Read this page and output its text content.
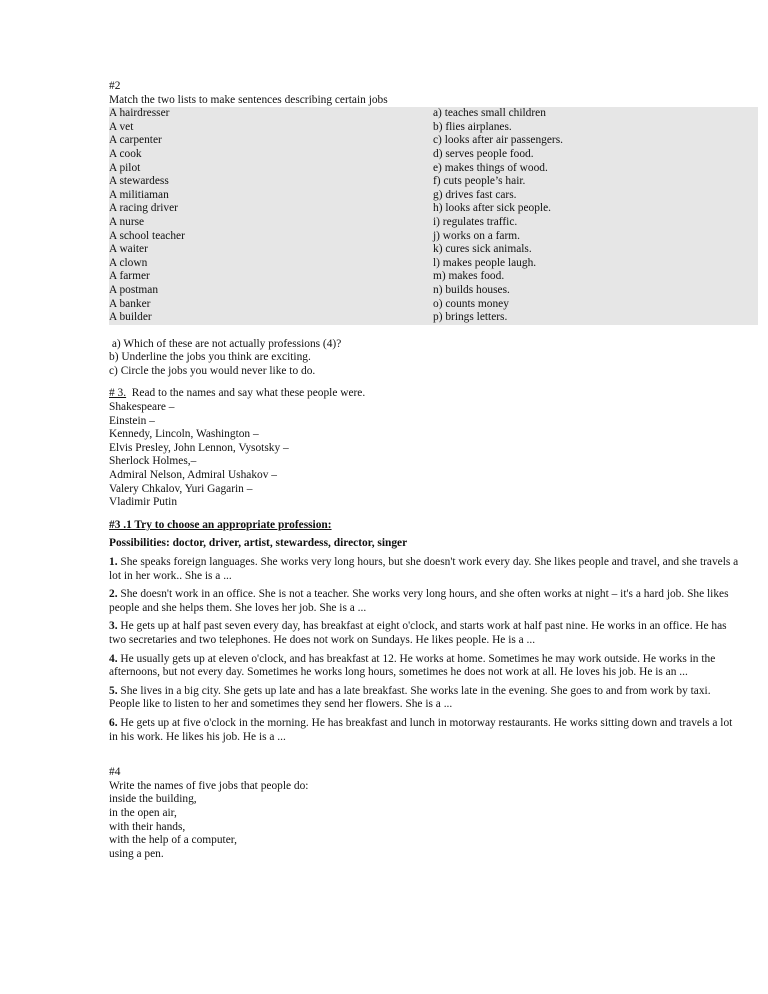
#2
Match the two lists to make sentences describing certain jobs
A hairdresser
A vet
A carpenter
A cook
A pilot
A stewardess
A militiaman
A racing driver
A nurse
A school teacher
A waiter
A clown
A farmer
A postman
A banker
A builder
a) teaches small children
b) flies airplanes.
c) looks after air passengers.
d) serves people food.
e) makes things of wood.
f) cuts people’s hair.
g) drives fast cars.
h) looks after sick people.
i) regulates traffic.
j) works on a farm.
k) cures sick animals.
l) makes people laugh.
m) makes food.
n) builds houses.
o) counts money
p) brings letters.
a) Which of these are not actually professions (4)?
b) Underline the jobs you think are exciting.
c) Circle the jobs you would never like to do.
# 3.  Read to the names and say what these people were.
Shakespeare –
Einstein –
Kennedy, Lincoln, Washington –
Elvis Presley, John Lennon, Vysotsky –
Sherlock Holmes,–
Admiral Nelson, Admiral Ushakov –
Valery Chkalov, Yuri Gagarin –
Vladimir Putin
#3 .1 Try to choose an appropriate profession:
Possibilities: doctor, driver, artist, stewardess, director, singer
1. She speaks foreign languages. She works very long hours, but she doesn't work every day. She likes people and travel, and she travels a lot in her work.. She is a ...
2. She doesn't work in an office. She is not a teacher. She works very long hours, and she often works at night – it's a hard job. She likes people and she helps them. She loves her job. She is a ...
3. He gets up at half past seven every day, has breakfast at eight o'clock, and starts work at half past nine. He works in an office. He has two secretaries and two telephones. He does not work on Sundays. He likes people. He is a ...
4. He usually gets up at eleven o'clock, and has breakfast at 12. He works at home. Sometimes he may work outside. He works in the afternoons, but not every day. Sometimes he works long hours, sometimes he does not work at all. He loves his job. He is an ...
5. She lives in a big city. She gets up late and has a late breakfast. She works late in the evening. She goes to and from work by taxi. People like to listen to her and sometimes they send her flowers. She is a ...
6. He gets up at five o'clock in the morning. He has breakfast and lunch in motorway restaurants. He works sitting down and travels a lot in his work. He likes his job. He is a ...
#4
Write the names of five jobs that people do:
inside the building,
in the open air,
with their hands,
with the help of a computer,
using a pen.
